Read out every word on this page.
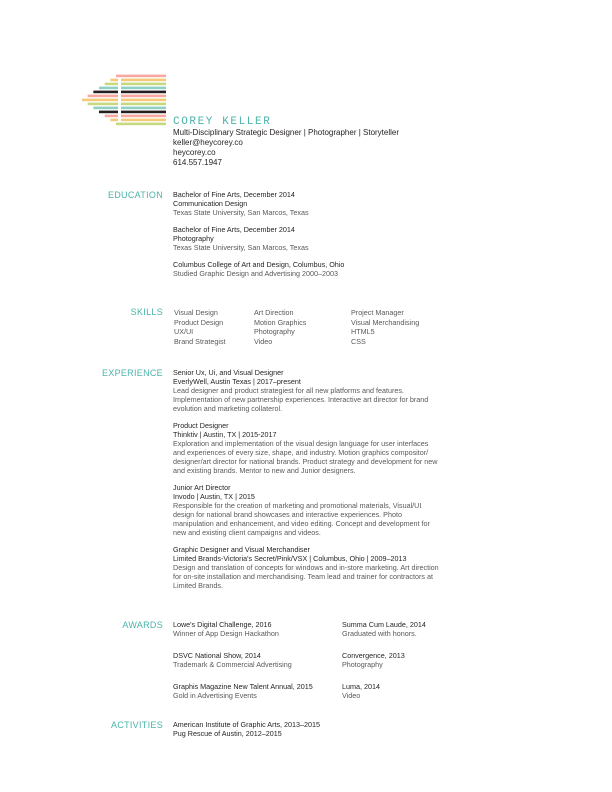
COREY KELLER
Multi-Disciplinary Strategic Designer | Photographer | Storyteller
keller@heycorey.co
heycorey.co
614.557.1947
EDUCATION Bachelor of Fine Arts, December 2014
Communication Design
Texas State University, San Marcos, Texas
Bachelor of Fine Arts, December 2014
Photography
Texas State University, San Marcos, Texas
Columbus College of Art and Design, Columbus, Ohio
Studied Graphic Design and Advertising 2000–2003
SKILLS Visual Design
Product Design
UX/UI
Brand Strategist
Art Direction
Motion Graphics
Photography
Video
Project Manager
Visual Merchandising
HTML5
CSS
EXPERIENCE Senior Ux, Ui, and Visual Designer
EverlyWell, Austin Texas | 2017–present
Lead designer and product strategiest for all new platforms and features.
Implementation of new partnership experiences. Interactive art director for brand
evolution and marketing collaterol.
Product Designer
Thinktiv | Austin, TX | 2015-2017
Exploration and implementation of the visual design language for user interfaces
and experiences of every size, shape, and industry. Motion graphics compositor/
designer/art director for national brands. Product strategy and development for new
and existing brands. Mentor to new and Junior designers.
Junior Art Director
Invodo | Austin, TX | 2015
Responsible for the creation of marketing and promotional materials, Visual/UI
design for national brand showcases and interactive experiences. Photo
manipulation and enhancement, and video editing. Concept and development for
new and existing client campaigns and videos.
Graphic Designer and Visual Merchandiser
Limited Brands-Victoria's Secret/Pink/VSX | Columbus, Ohio | 2009–2013
Design and translation of concepts for windows and in-store marketing. Art direction
for on-site installation and merchandising. Team lead and trainer for contractors at
Limited Brands.
AWARDS Lowe's Digital Challenge, 2016
Winner of App Design Hackathon
DSVC National Show, 2014
Trademark & Commercial Advertising
Graphis Magazine New Talent Annual, 2015
Gold in Advertising Events
Summa Cum Laude, 2014
Graduated with honors.
Convergence, 2013
Photography
Luma, 2014
Video
ACTIVITIES American Institute of Graphic Arts, 2013–2015
Pug Rescue of Austin, 2012–2015
